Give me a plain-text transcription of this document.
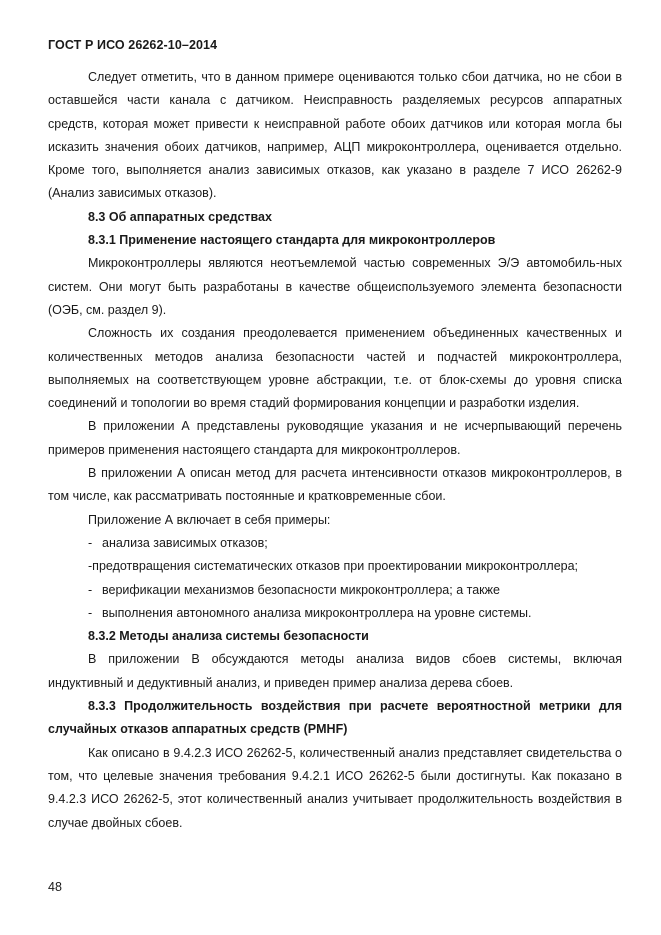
ГОСТ Р ИСО 26262-10–2014

Следует отметить, что в данном примере оцениваются только сбои датчика, но не сбои в оставшейся части канала с датчиком. Неисправность разделяемых ресурсов аппаратных средств, которая может привести к неисправной работе обоих датчиков или которая могла бы исказить значения обоих датчиков, например, АЦП микроконтроллера, оценивается отдельно. Кроме того, выполняется анализ зависимых отказов, как указано в разделе 7 ИСО 26262-9 (Анализ зависимых отказов).

8.3 Об аппаратных средствах

8.3.1 Применение настоящего стандарта для микроконтроллеров

Микроконтроллеры являются неотъемлемой частью современных Э/Э автомобиль-ных систем. Они могут быть разработаны в качестве общеиспользуемого элемента безопасности (ОЭБ, см. раздел 9).

Сложность их создания преодолевается применением объединенных качественных и количественных методов анализа безопасности частей и подчастей микроконтроллера, выполняемых на соответствующем уровне абстракции, т.е. от блок-схемы до уровня списка соединений и топологии во время стадий формирования концепции и разработки изделия.

В приложении А представлены руководящие указания и не исчерпывающий перечень примеров применения настоящего стандарта для микроконтроллеров.

В приложении А описан метод для расчета интенсивности отказов микроконтроллеров, в том числе, как рассматривать постоянные и кратковременные сбои.

Приложение А включает в себя примеры:

- анализа зависимых отказов;

-предотвращения систематических отказов при проектировании микроконтроллера;

- верификации механизмов безопасности микроконтроллера; а также

- выполнения автономного анализа микроконтроллера на уровне системы.

8.3.2 Методы анализа системы безопасности

В приложении В обсуждаются методы анализа видов сбоев системы, включая индуктивный и дедуктивный анализ, и приведен пример анализа дерева сбоев.

8.3.3 Продолжительность воздействия при расчете вероятностной метрики для случайных отказов аппаратных средств (PMHF)

Как описано в 9.4.2.3 ИСО 26262-5, количественный анализ представляет свидетельства о том, что целевые значения требования 9.4.2.1 ИСО 26262-5 были достигнуты. Как показано в 9.4.2.3 ИСО 26262-5, этот количественный анализ учитывает продолжительность воздействия в случае двойных сбоев.

48
